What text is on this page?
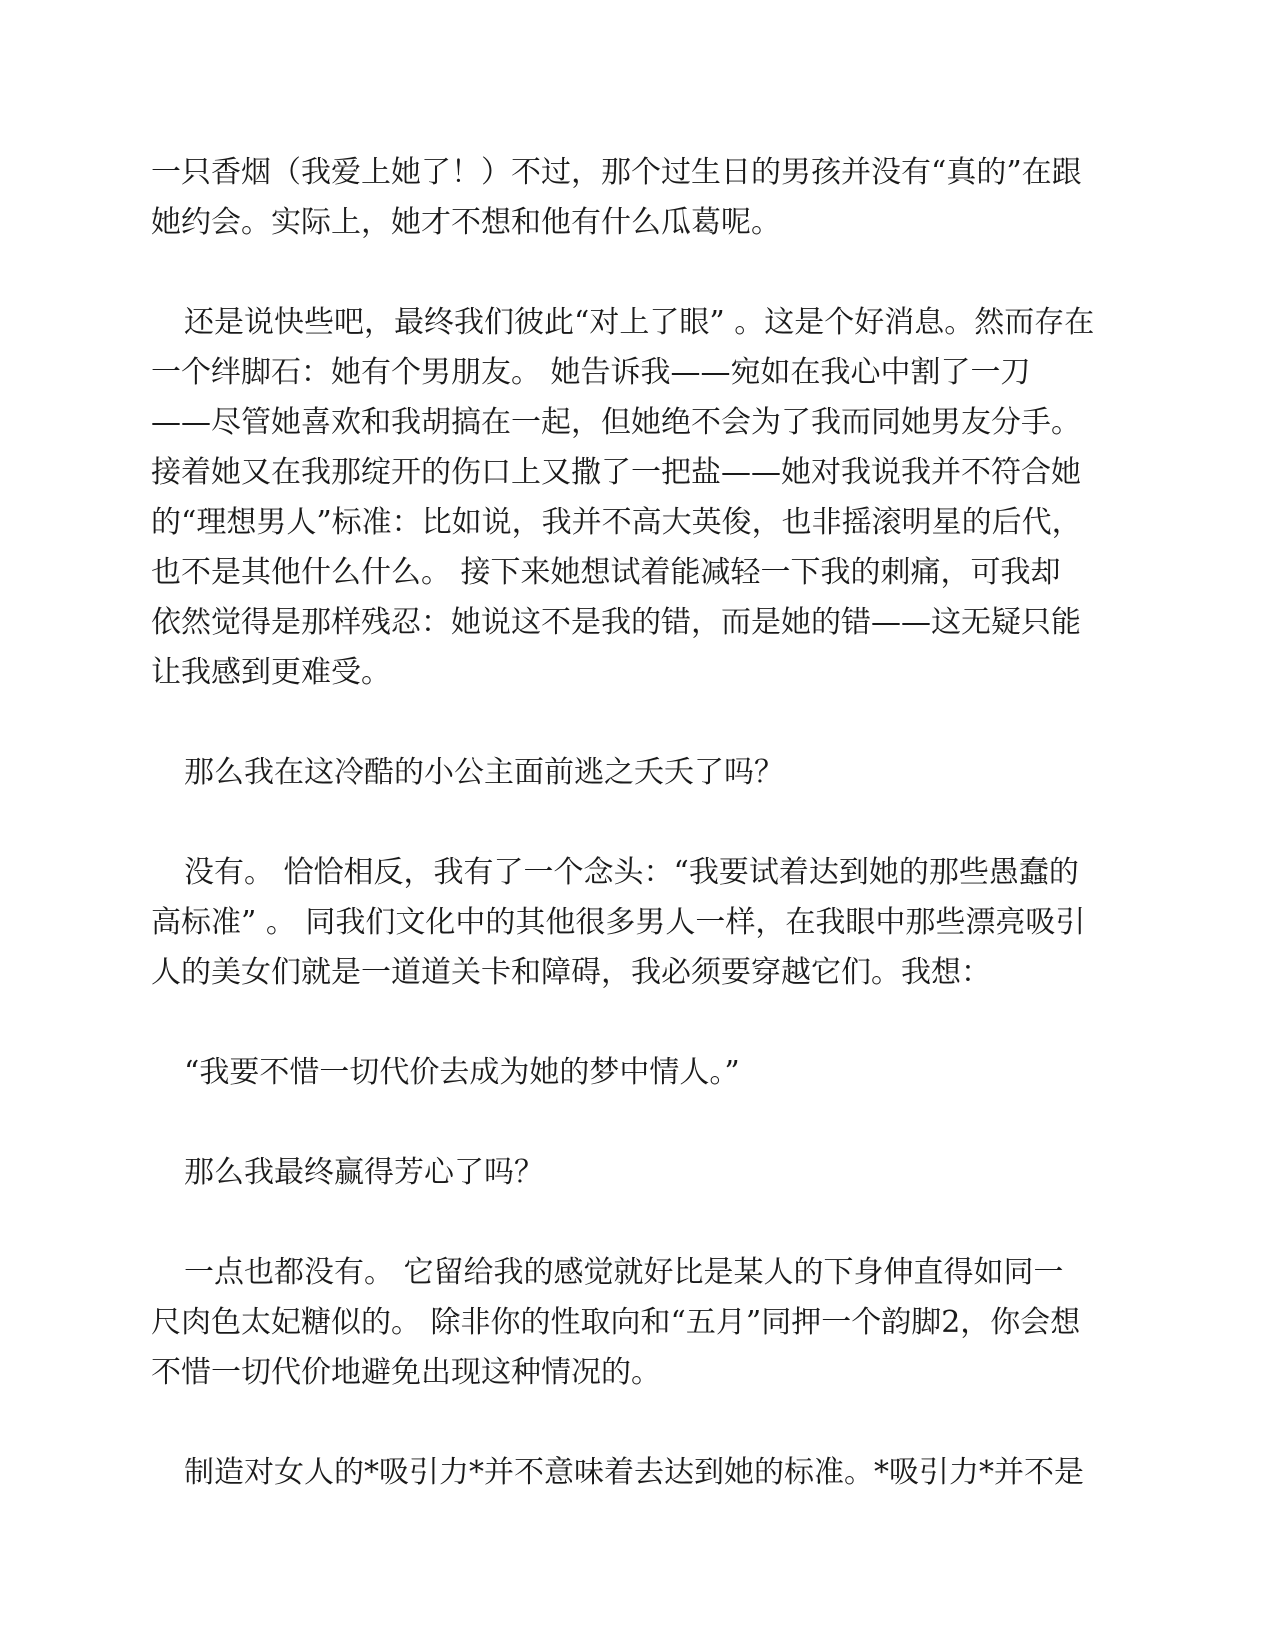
一只香烟（我爱上她了！）不过，那个过生日的男孩并没有“真的”在跟
她约会。实际上，她才不想和他有什么瓜葛呢。
还是说快些吧，最终我们彼此“对上了眼” 。这是个好消息。然而存在
一个绊脚石：她有个男朋友。 她告诉我——宛如在我心中割了一刀
——尽管她喜欢和我胡搞在一起，但她绝不会为了我而同她男友分手。
接着她又在我那绽开的伤口上又撒了一把盐——她对我说我并不符合她
的“理想男人”标准：比如说，我并不高大英俊，也非摇滚明星的后代，
也不是其他什么什么。 接下来她想试着能减轻一下我的刺痛，可我却
依然觉得是那样残忍：她说这不是我的错，而是她的错——这无疑只能
让我感到更难受。
那么我在这冷酷的小公主面前逃之夭夭了吗？
没有。 恰恰相反，我有了一个念头：“我要试着达到她的那些愚蠢的
高标准” 。 同我们文化中的其他很多男人一样，在我眼中那些漂亮吸引
人的美女们就是一道道关卡和障碍，我必须要穿越它们。我想：
“我要不惜一切代价去成为她的梦中情人。”
那么我最终赢得芳心了吗？
一点也都没有。 它留给我的感觉就好比是某人的下身伸直得如同一
尺肉色太妃糖似的。 除非你的性取向和“五月”同押一个韵脚2，你会想
不惜一切代价地避免出现这种情况的。
制造对女人的*吸引力*并不意味着去达到她的标准。*吸引力*并不是
